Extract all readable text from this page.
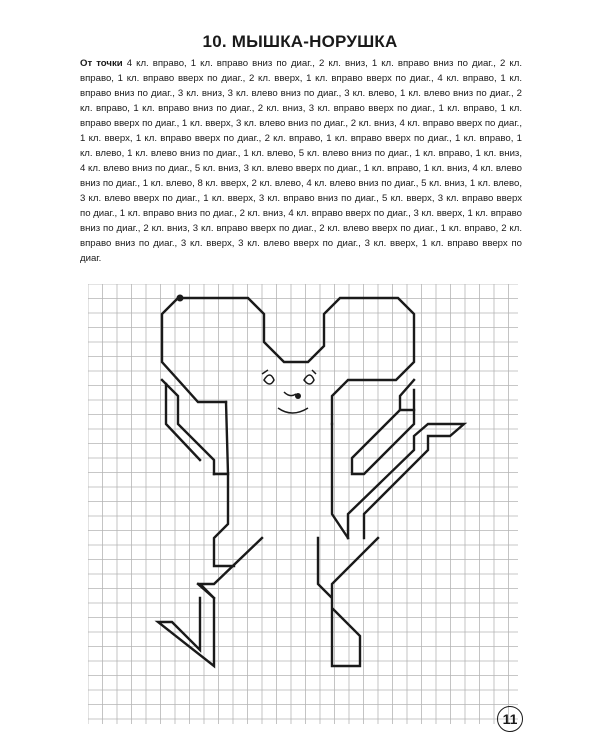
10. МЫШКА-НОРУШКА
От точки 4 кл. вправо, 1 кл. вправо вниз по диаг., 2 кл. вниз, 1 кл. вправо вниз по диаг., 2 кл. вправо, 1 кл. вправо вверх по диаг., 2 кл. вверх, 1 кл. вправо вверх по диаг., 4 кл. вправо, 1 кл. вправо вниз по диаг., 3 кл. вниз, 3 кл. влево вниз по диаг., 3 кл. влево, 1 кл. влево вниз по диаг., 2 кл. вправо, 1 кл. вправо вниз по диаг., 2 кл. вниз, 3 кл. вправо вверх по диаг., 1 кл. вправо, 1 кл. вправо вверх по диаг., 1 кл. вверх, 3 кл. влево вниз по диаг., 2 кл. вниз, 4 кл. вправо вверх по диаг., 1 кл. вверх, 1 кл. вправо вверх по диаг., 2 кл. вправо, 1 кл. вправо вверх по диаг., 1 кл. вправо, 1 кл. влево, 1 кл. влево вниз по диаг., 1 кл. влево, 5 кл. влево вниз по диаг., 1 кл. вправо, 1 кл. вниз, 4 кл. влево вниз по диаг., 5 кл. вниз, 3 кл. влево вверх по диаг., 1 кл. вправо, 1 кл. вниз, 4 кл. влево вниз по диаг., 1 кл. влево, 8 кл. вверх, 2 кл. влево, 4 кл. влево вниз по диаг., 5 кл. вниз, 1 кл. влево, 3 кл. влево вверх по диаг., 1 кл. вверх, 3 кл. вправо вниз по диаг., 5 кл. вверх, 3 кл. вправо вверх по диаг., 1 кл. вправо вниз по диаг., 2 кл. вниз, 4 кл. вправо вверх по диаг., 3 кл. вверх, 1 кл. вправо вниз по диаг., 2 кл. вниз, 3 кл. вправо вверх по диаг., 2 кл. влево вверх по диаг., 1 кл. вправо, 2 кл. вправо вниз по диаг., 3 кл. вверх, 3 кл. влево вверх по диаг., 3 кл. вверх, 1 кл. вправо вверх по диаг.
11
